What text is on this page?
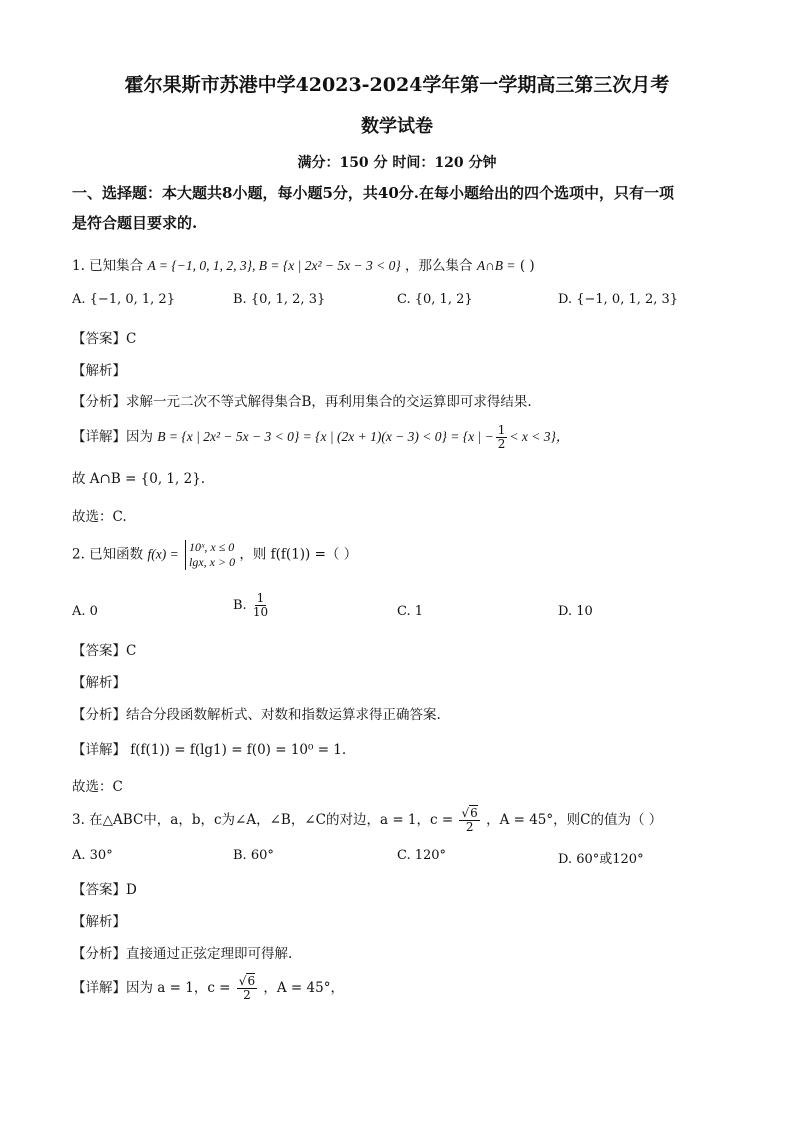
霍尔果斯市苏港中学42023-2024学年第一学期高三第三次月考
数学试卷
满分：150 分 时间：120 分钟
一、选择题：本大题共8小题，每小题5分，共40分.在每小题给出的四个选项中，只有一项
是符合题目要求的.
1. 已知集合 A = {−1, 0, 1, 2, 3}, B = {x | 2x² − 5x − 3 < 0} ，那么集合 A∩B = ( )
A. {−1, 0, 1, 2}	B. {0, 1, 2, 3}	C. {0, 1, 2}	D. {−1, 0, 1, 2, 3}
【答案】C
【解析】
【分析】求解一元二次不等式解得集合B，再利用集合的交运算即可求得结果.
【详解】因为 B = {x | 2x² − 5x − 3 < 0} = {x | (2x + 1)(x − 3) < 0} = {x | − $\frac{1}{2} < x < 3$}，
故 A∩B = {0, 1, 2}.
故选：C.
2. 已知函数 f(x) = 10ˣ, x ≤ 0
lgx, x > 0 ，则 f(f(1)) =（ ）
A. 0	B. $\frac{1}{10}$	C. 1	D. 10
【答案】C
【解析】
【分析】结合分段函数解析式、对数和指数运算求得正确答案.
【详解】 f(f(1)) = f(lg1) = f(0) = 10⁰ = 1.
故选：C
3. 在△ABC中，a，b，c为∠A，∠B，∠C的对边，a = 1，$c = \frac{√6}{2}$ ，A = 45°，则C的值为（ ）
A. 30°	B. 60°	C. 120°	D. 60°或120°
【答案】D
【解析】
【分析】直接通过正弦定理即可得解.
【详解】因为 a = 1，$c = \frac{√6}{2}$ ，A = 45°，
